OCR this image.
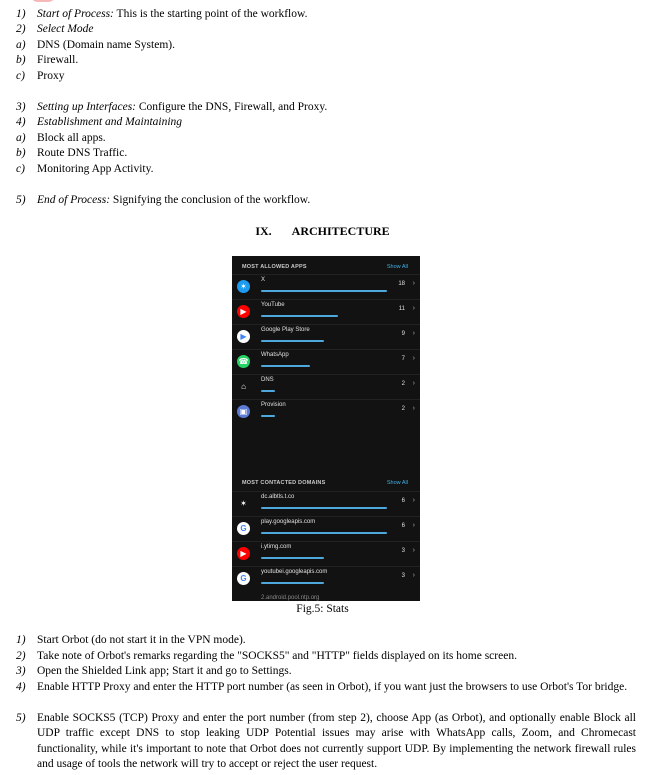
1) Start of Process: This is the starting point of the workflow.
2) Select Mode
a) DNS (Domain name System).
b) Firewall.
c) Proxy
3) Setting up Interfaces: Configure the DNS, Firewall, and Proxy.
4) Establishment and Maintaining
a) Block all apps.
b) Route DNS Traffic.
c) Monitoring App Activity.
5) End of Process: Signifying the conclusion of the workflow.
IX. ARCHITECTURE
MOST ALLOWED APPS	Show All
✶
X
18 ›
▶
YouTube
11 ›
▶
Google Play Store
9 ›
☎
WhatsApp
7 ›
⌂
DNS
2 ›
▣
Provision
2 ›
MOST CONTACTED DOMAINS	Show All
✶
dc.albtls.t.co
6 ›
G
play.googleapis.com
6 ›
▶
i.ytimg.com
3 ›
G
youtubei.googleapis.com
3 ›
2.android.pool.ntp.org
Fig.5: Stats
1) Start Orbot (do not start it in the VPN mode).
2) Take note of Orbot's remarks regarding the "SOCKS5" and "HTTP" fields displayed on its home screen.
3) Open the Shielded Link app; Start it and go to Settings.
4) Enable HTTP Proxy and enter the HTTP port number (as seen in Orbot), if you want just the browsers to use Orbot's Tor bridge.
5) Enable SOCKS5 (TCP) Proxy and enter the port number (from step 2), choose App (as Orbot), and optionally enable Block all UDP traffic except DNS to stop leaking UDP Potential issues may arise with WhatsApp calls, Zoom, and Chromecast functionality, while it's important to note that Orbot does not currently support UDP. By implementing the network firewall rules and usage of tools the network will try to accept or reject the user request.
